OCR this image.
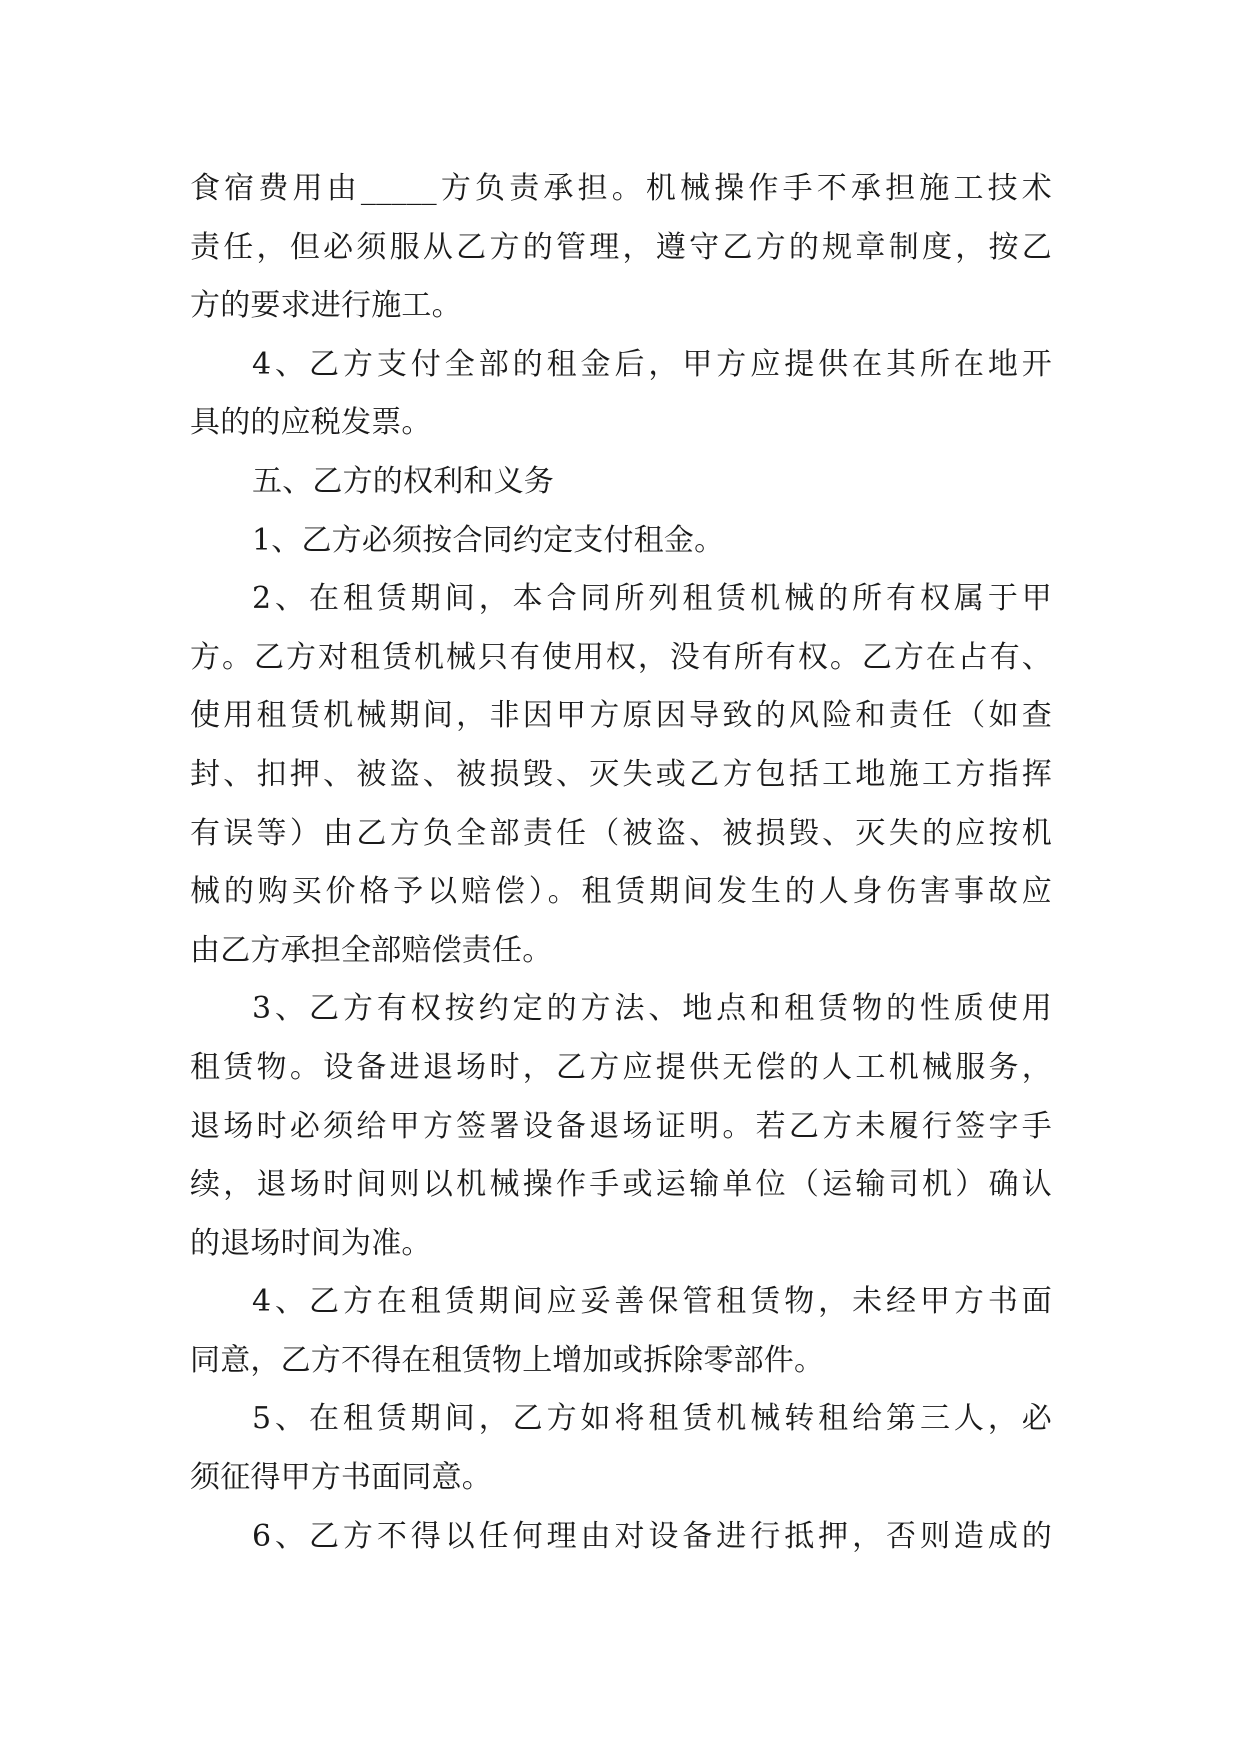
食宿费用由_____方负责承担。机械操作手不承担施工技术
责任，但必须服从乙方的管理，遵守乙方的规章制度，按乙
方的要求进行施工。
4、乙方支付全部的租金后，甲方应提供在其所在地开
具的的应税发票。
五、乙方的权利和义务
1、乙方必须按合同约定支付租金。
2、在租赁期间，本合同所列租赁机械的所有权属于甲
方。乙方对租赁机械只有使用权，没有所有权。乙方在占有、
使用租赁机械期间，非因甲方原因导致的风险和责任（如查
封、扣押、被盗、被损毁、灭失或乙方包括工地施工方指挥
有误等）由乙方负全部责任（被盗、被损毁、灭失的应按机
械的购买价格予以赔偿）。租赁期间发生的人身伤害事故应
由乙方承担全部赔偿责任。
3、乙方有权按约定的方法、地点和租赁物的性质使用
租赁物。设备进退场时，乙方应提供无偿的人工机械服务，
退场时必须给甲方签署设备退场证明。若乙方未履行签字手
续，退场时间则以机械操作手或运输单位（运输司机）确认
的退场时间为准。
4、乙方在租赁期间应妥善保管租赁物，未经甲方书面
同意，乙方不得在租赁物上增加或拆除零部件。
5、在租赁期间，乙方如将租赁机械转租给第三人，必
须征得甲方书面同意。
6、乙方不得以任何理由对设备进行抵押，否则造成的
